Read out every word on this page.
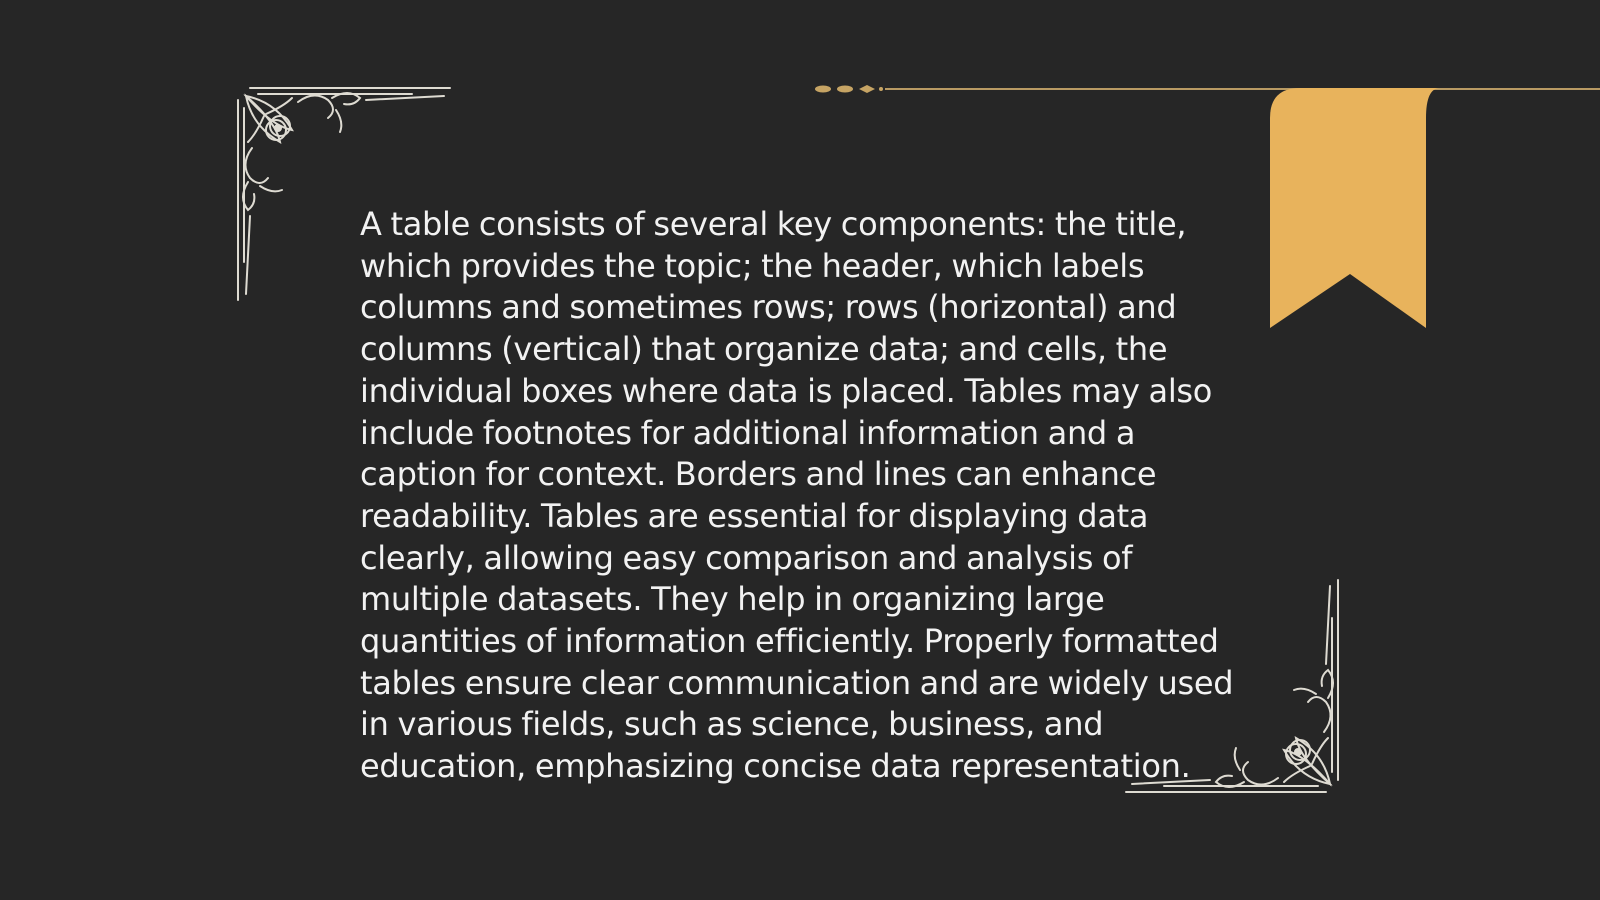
A table consists of several key components: the title, which provides the topic; the header, which labels columns and sometimes rows; rows (horizontal) and columns (vertical) that organize data; and cells, the individual boxes where data is placed. Tables may also include footnotes for additional information and a caption for context. Borders and lines can enhance readability. Tables are essential for displaying data clearly, allowing easy comparison and analysis of multiple datasets. They help in organizing large quantities of information efficiently. Properly formatted tables ensure clear communication and are widely used in various fields, such as science, business, and education, emphasizing concise data representation.
